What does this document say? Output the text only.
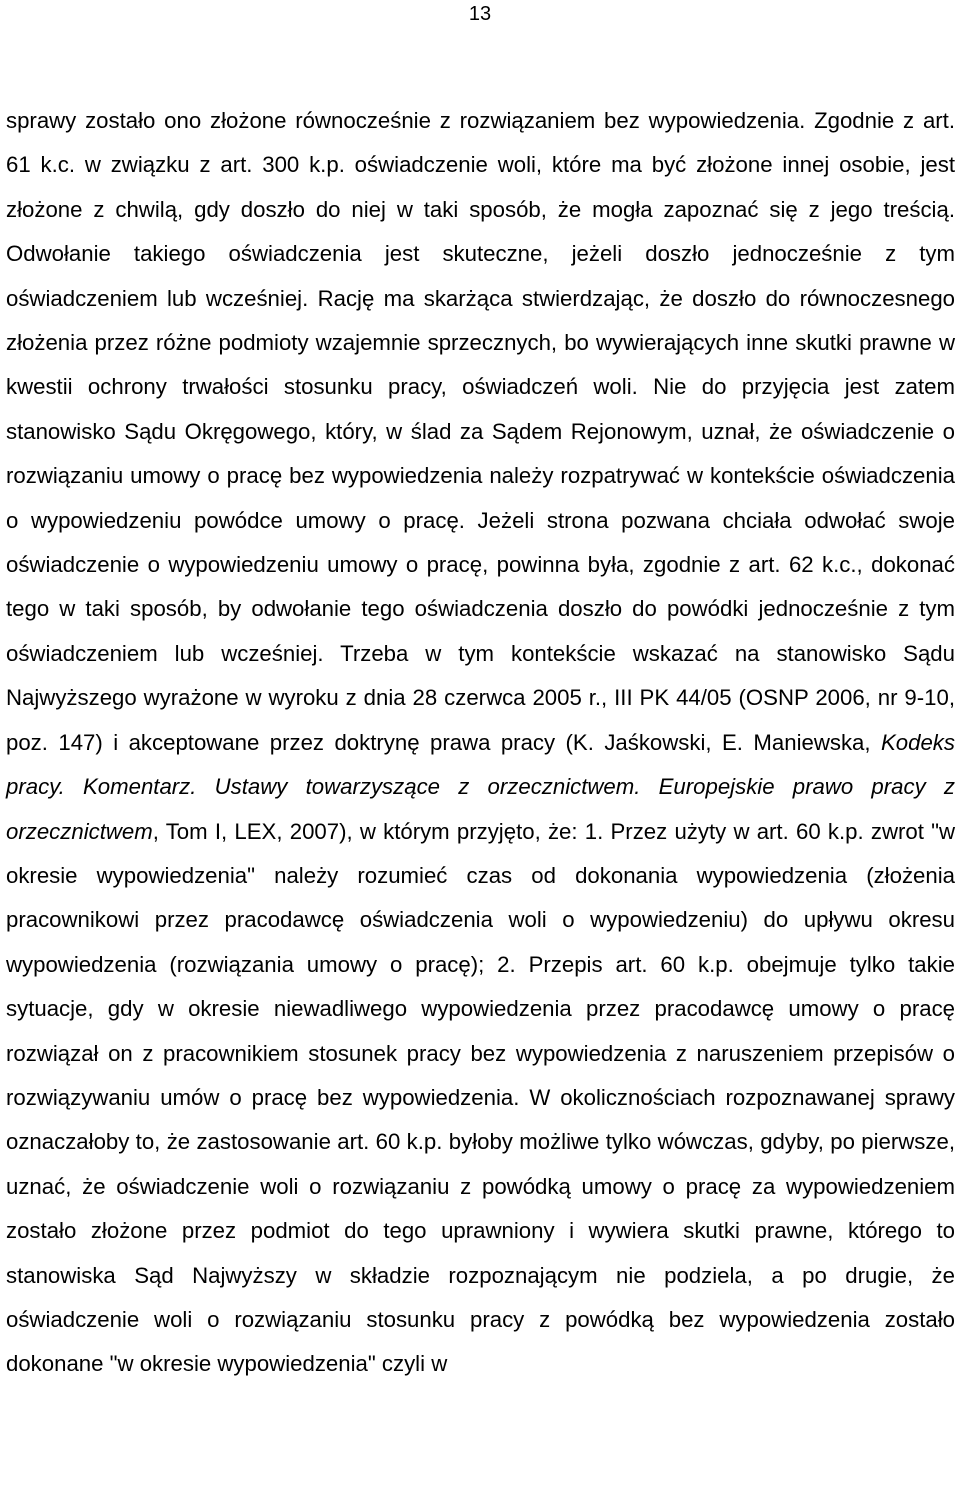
13

sprawy zostało ono złożone równocześnie z rozwiązaniem bez wypowiedzenia. Zgodnie z art. 61 k.c. w związku z art. 300 k.p. oświadczenie woli, które ma być złożone innej osobie, jest złożone z chwilą, gdy doszło do niej w taki sposób, że mogła zapoznać się z jego treścią. Odwołanie takiego oświadczenia jest skuteczne, jeżeli doszło jednocześnie z tym oświadczeniem lub wcześniej. Rację ma skarżąca stwierdzając, że doszło do równoczesnego złożenia przez różne podmioty wzajemnie sprzecznych, bo wywierających inne skutki prawne w kwestii ochrony trwałości stosunku pracy, oświadczeń woli. Nie do przyjęcia jest zatem stanowisko Sądu Okręgowego, który, w ślad za Sądem Rejonowym, uznał, że oświadczenie o rozwiązaniu umowy o pracę bez wypowiedzenia należy rozpatrywać w kontekście oświadczenia o wypowiedzeniu powódce umowy o pracę. Jeżeli strona pozwana chciała odwołać swoje oświadczenie o wypowiedzeniu umowy o pracę, powinna była, zgodnie z art. 62 k.c., dokonać tego w taki sposób, by odwołanie tego oświadczenia doszło do powódki jednocześnie z tym oświadczeniem lub wcześniej. Trzeba w tym kontekście wskazać na stanowisko Sądu Najwyższego wyrażone w wyroku z dnia 28 czerwca 2005 r., III PK 44/05 (OSNP 2006, nr 9-10, poz. 147) i akceptowane przez doktrynę prawa pracy (K. Jaśkowski, E. Maniewska, Kodeks pracy. Komentarz. Ustawy towarzyszące z orzecznictwem. Europejskie prawo pracy z orzecznictwem, Tom I, LEX, 2007), w którym przyjęto, że: 1. Przez użyty w art. 60 k.p. zwrot "w okresie wypowiedzenia" należy rozumieć czas od dokonania wypowiedzenia (złożenia pracownikowi przez pracodawcę oświadczenia woli o wypowiedzeniu) do upływu okresu wypowiedzenia (rozwiązania umowy o pracę); 2. Przepis art. 60 k.p. obejmuje tylko takie sytuacje, gdy w okresie niewadliwego wypowiedzenia przez pracodawcę umowy o pracę rozwiązał on z pracownikiem stosunek pracy bez wypowiedzenia z naruszeniem przepisów o rozwiązywaniu umów o pracę bez wypowiedzenia. W okolicznościach rozpoznawanej sprawy oznaczałoby to, że zastosowanie art. 60 k.p. byłoby możliwe tylko wówczas, gdyby, po pierwsze, uznać, że oświadczenie woli o rozwiązaniu z powódką umowy o pracę za wypowiedzeniem zostało złożone przez podmiot do tego uprawniony i wywiera skutki prawne, którego to stanowiska Sąd Najwyższy w składzie rozpoznającym nie podziela, a po drugie, że oświadczenie woli o rozwiązaniu stosunku pracy z powódką bez wypowiedzenia zostało dokonane "w okresie wypowiedzenia" czyli w
